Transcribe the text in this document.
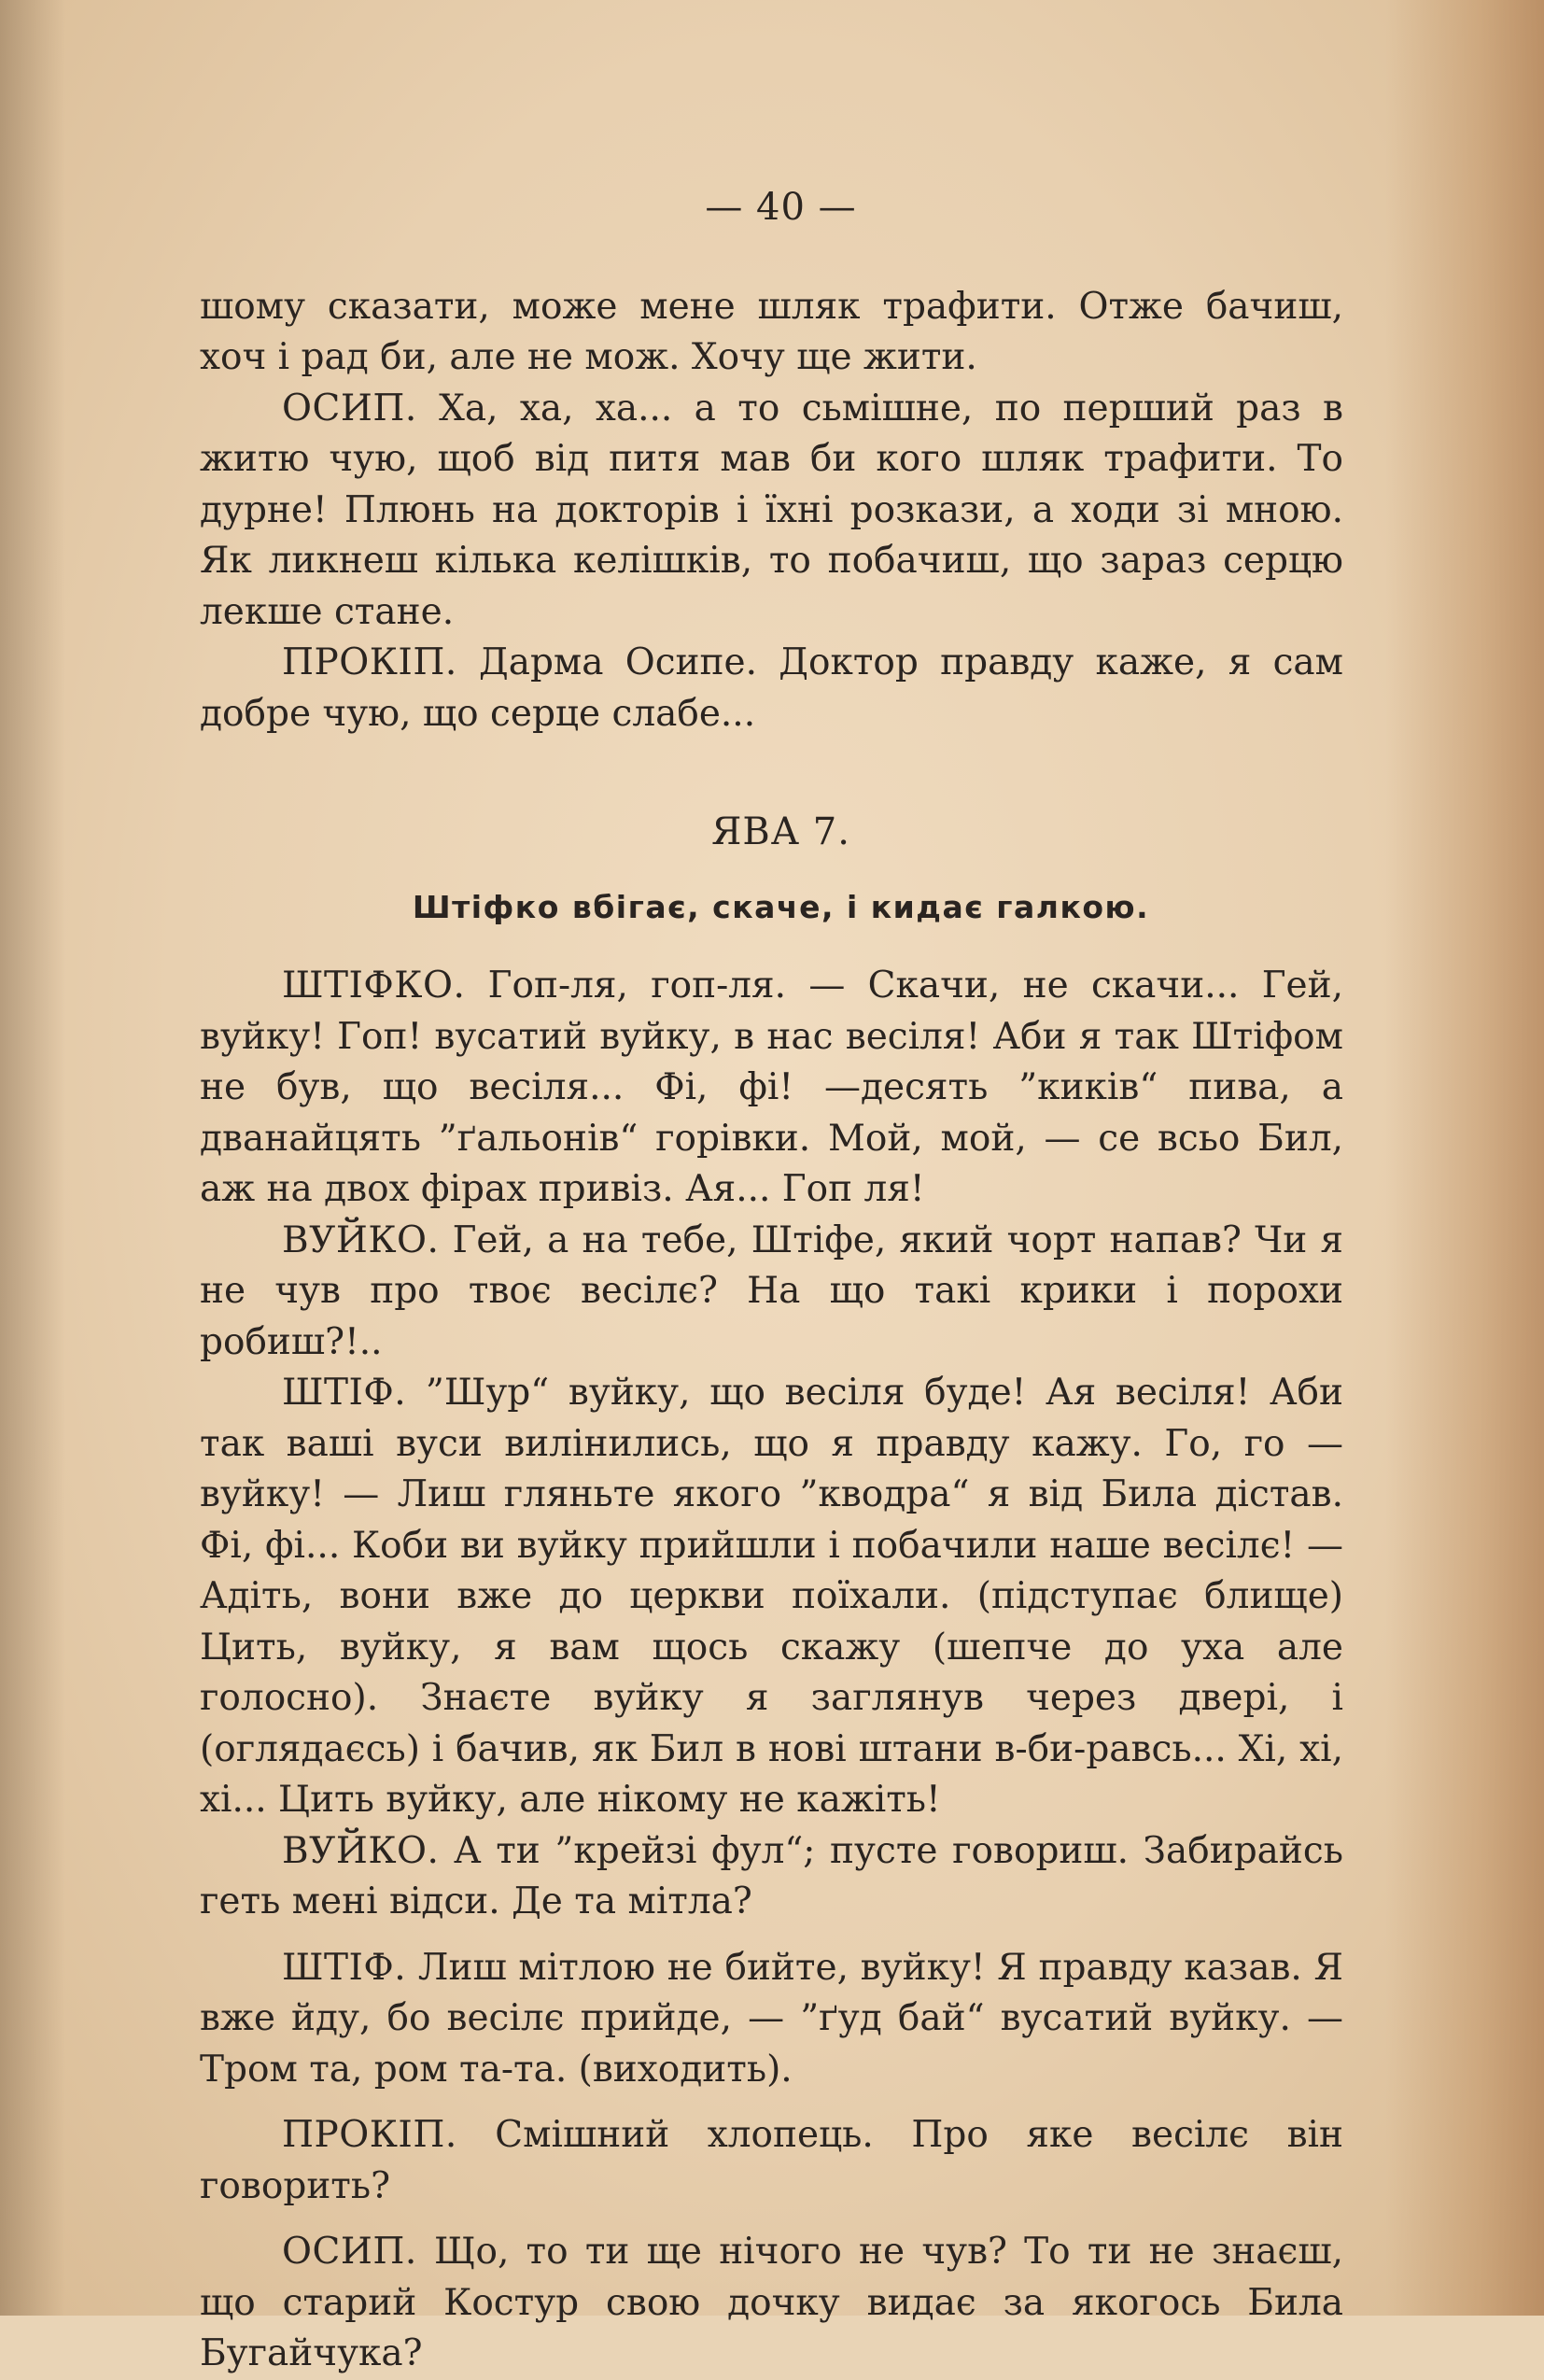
— 40 —

шому сказати, може мене шляк трафити. Отже бачиш, хоч і рад би, але не мож. Хочу ще жити.

ОСИП. Ха, ха, ха... а то сьмішне, по перший раз в житю чую, щоб від питя мав би кого шляк трафити. То дурне! Плюнь на докторів і їхні розкази, а ходи зі мною. Як ликнеш кілька келішків, то побачиш, що зараз серцю лекше стане.

ПРОКІП. Дарма Осипе. Доктор правду каже, я сам добре чую, що серце слабе...

ЯВА 7.
Штіфко вбігає, скаче, і кидає галкою.

ШТІФКО. Гоп-ля, гоп-ля. — Скачи, не скачи... Гей, вуйку! Гоп! вусатий вуйку, в нас весіля! Аби я так Штіфом не був, що весіля... Фі, фі! —десять ”киків“ пива, а дванайцять ”ґальонів“ горівки. Мой, мой, — се всьо Бил, аж на двох фірах привіз. Ая... Гоп ля!

ВУЙКО. Гей, а на тебе, Штіфе, який чорт напав? Чи я не чув про твоє весілє? На що такі крики і порохи робиш?!..

ШТІФ. ”Шур“ вуйку, що весіля буде! Ая весіля! Аби так ваші вуси вилінились, що я правду кажу. Го, го — вуйку! — Лиш гляньте якого ”кводра“ я від Била дістав. Фі, фі... Коби ви вуйку прийшли і побачили наше весілє! — Адіть, вони вже до церкви поїхали. (підступає блище) Цить, вуйку, я вам щось скажу (шепче до уха але голосно). Знаєте вуйку я заглянув через двері, і (оглядаєсь) і бачив, як Бил в нові штани в-би-равсь... Хі, хі, хі... Цить вуйку, але нікому не кажіть!

ВУЙКО. А ти ”крейзі фул“; пусте говориш. Забирайсь геть мені відси. Де та мітла?

ШТІФ. Лиш мітлою не бийте, вуйку! Я правду казав. Я вже йду, бо весілє прийде, — ”ґуд бай“ вусатий вуйку. — Тром та, ром та-та. (виходить).

ПРОКІП. Смішний хлопець. Про яке весілє він говорить?

ОСИП. Що, то ти ще нічого не чув? То ти не знаєш, що старий Костур свою дочку видає за якогось Била Бугайчука?
